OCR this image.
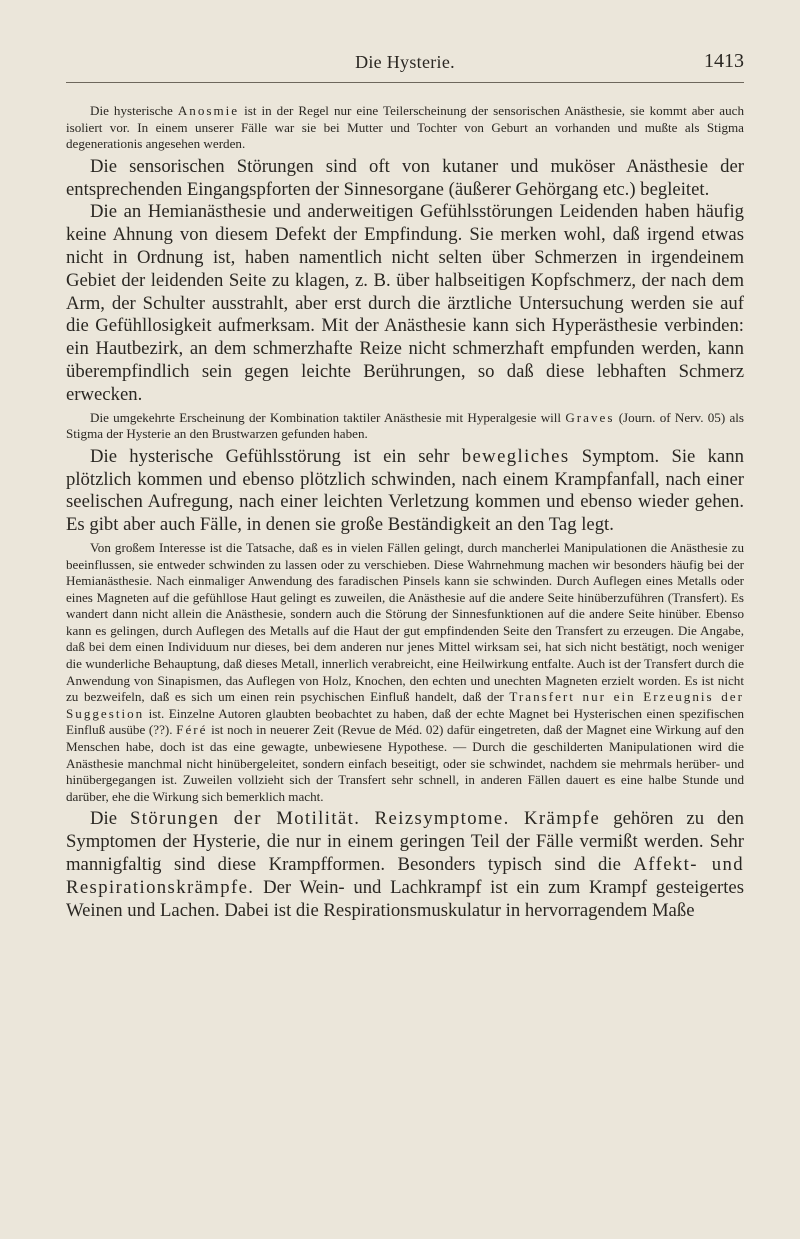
Die Hysterie.	1413

Die hysterische Anosmie ist in der Regel nur eine Teilerscheinung der sensorischen Anästhesie, sie kommt aber auch isoliert vor. In einem unserer Fälle war sie bei Mutter und Tochter von Geburt an vorhanden und mußte als Stigma degenerationis angesehen werden.

Die sensorischen Störungen sind oft von kutaner und muköser Anästhesie der entsprechenden Eingangspforten der Sinnesorgane (äußerer Gehörgang etc.) begleitet.

Die an Hemianästhesie und anderweitigen Gefühlsstörungen Leidenden haben häufig keine Ahnung von diesem Defekt der Empfindung. Sie merken wohl, daß irgend etwas nicht in Ordnung ist, haben namentlich nicht selten über Schmerzen in irgendeinem Gebiet der leidenden Seite zu klagen, z. B. über halbseitigen Kopfschmerz, der nach dem Arm, der Schulter ausstrahlt, aber erst durch die ärztliche Untersuchung werden sie auf die Gefühllosigkeit aufmerksam. Mit der Anästhesie kann sich Hyperästhesie verbinden: ein Hautbezirk, an dem schmerzhafte Reize nicht schmerzhaft empfunden werden, kann überempfindlich sein gegen leichte Berührungen, so daß diese lebhaften Schmerz erwecken.

Die umgekehrte Erscheinung der Kombination taktiler Anästhesie mit Hyperalgesie will Graves (Journ. of Nerv. 05) als Stigma der Hysterie an den Brustwarzen gefunden haben.

Die hysterische Gefühlsstörung ist ein sehr bewegliches Symptom. Sie kann plötzlich kommen und ebenso plötzlich schwinden, nach einem Krampfanfall, nach einer seelischen Aufregung, nach einer leichten Verletzung kommen und ebenso wieder gehen. Es gibt aber auch Fälle, in denen sie große Beständigkeit an den Tag legt.

Von großem Interesse ist die Tatsache, daß es in vielen Fällen gelingt, durch mancherlei Manipulationen die Anästhesie zu beeinflussen, sie entweder schwinden zu lassen oder zu verschieben. Diese Wahrnehmung machen wir besonders häufig bei der Hemianästhesie. Nach einmaliger Anwendung des faradischen Pinsels kann sie schwinden. Durch Auflegen eines Metalls oder eines Magneten auf die gefühllose Haut gelingt es zuweilen, die Anästhesie auf die andere Seite hinüberzuführen (Transfert). Es wandert dann nicht allein die Anästhesie, sondern auch die Störung der Sinnesfunktionen auf die andere Seite hinüber. Ebenso kann es gelingen, durch Auflegen des Metalls auf die Haut der gut empfindenden Seite den Transfert zu erzeugen. Die Angabe, daß bei dem einen Individuum nur dieses, bei dem anderen nur jenes Mittel wirksam sei, hat sich nicht bestätigt, noch weniger die wunderliche Behauptung, daß dieses Metall, innerlich verabreicht, eine Heilwirkung entfalte. Auch ist der Transfert durch die Anwendung von Sinapismen, das Auflegen von Holz, Knochen, den echten und unechten Magneten erzielt worden. Es ist nicht zu bezweifeln, daß es sich um einen rein psychischen Einfluß handelt, daß der Transfert nur ein Erzeugnis der Suggestion ist. Einzelne Autoren glaubten beobachtet zu haben, daß der echte Magnet bei Hysterischen einen spezifischen Einfluß ausübe (??). Féré ist noch in neuerer Zeit (Revue de Méd. 02) dafür eingetreten, daß der Magnet eine Wirkung auf den Menschen habe, doch ist das eine gewagte, unbewiesene Hypothese. — Durch die geschilderten Manipulationen wird die Anästhesie manchmal nicht hinübergeleitet, sondern einfach beseitigt, oder sie schwindet, nachdem sie mehrmals herüber- und hinübergegangen ist. Zuweilen vollzieht sich der Transfert sehr schnell, in anderen Fällen dauert es eine halbe Stunde und darüber, ehe die Wirkung sich bemerklich macht.

Die Störungen der Motilität. Reizsymptome. Krämpfe gehören zu den Symptomen der Hysterie, die nur in einem geringen Teil der Fälle vermißt werden. Sehr mannigfaltig sind diese Krampfformen. Besonders typisch sind die Affekt- und Respirationskrämpfe. Der Wein- und Lachkrampf ist ein zum Krampf gesteigertes Weinen und Lachen. Dabei ist die Respirationsmuskulatur in hervorragendem Maße
